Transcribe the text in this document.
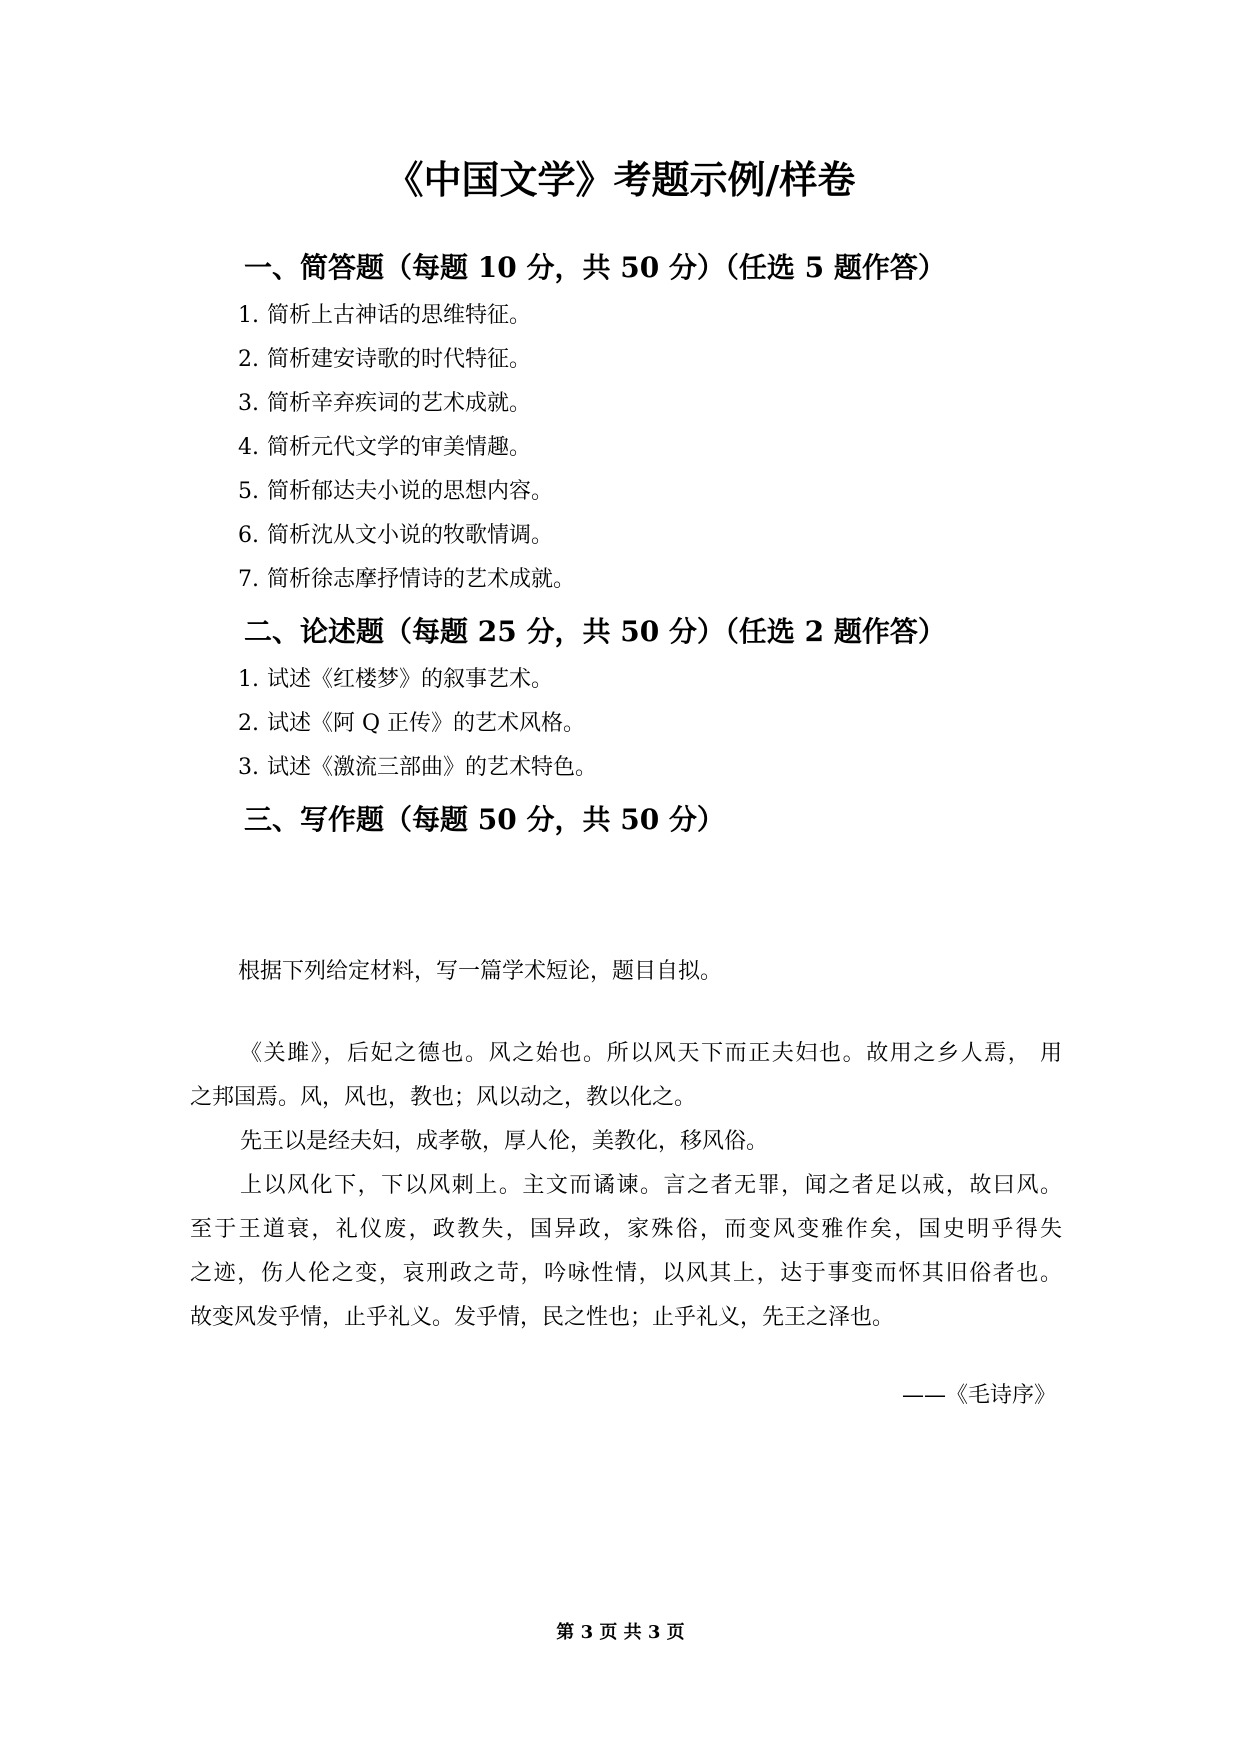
《中国文学》考题示例/样卷
一、简答题（每题 10 分，共 50 分）（任选 5 题作答）
1. 简析上古神话的思维特征。
2. 简析建安诗歌的时代特征。
3. 简析辛弃疾词的艺术成就。
4. 简析元代文学的审美情趣。
5. 简析郁达夫小说的思想内容。
6. 简析沈从文小说的牧歌情调。
7. 简析徐志摩抒情诗的艺术成就。
二、论述题（每题 25 分，共 50 分）（任选 2 题作答）
1. 试述《红楼梦》的叙事艺术。
2. 试述《阿 Q 正传》的艺术风格。
3. 试述《激流三部曲》的艺术特色。
三、写作题（每题 50 分，共 50 分）
根据下列给定材料，写一篇学术短论，题目自拟。
《关雎》，后妃之德也。风之始也。所以风天下而正夫妇也。故用之乡人焉， 用
之邦国焉。风，风也，教也；风以动之，教以化之。
先王以是经夫妇，成孝敬，厚人伦，美教化，移风俗。
上以风化下，下以风刺上。主文而谲谏。言之者无罪，闻之者足以戒，故曰风。
至于王道衰，礼仪废，政教失，国异政，家殊俗，而变风变雅作矣，国史明乎得失
之迹，伤人伦之变，哀刑政之苛，吟咏性情，以风其上，达于事变而怀其旧俗者也。
故变风发乎情，止乎礼义。发乎情，民之性也；止乎礼义，先王之泽也。
——《毛诗序》
第 3 页 共 3 页
